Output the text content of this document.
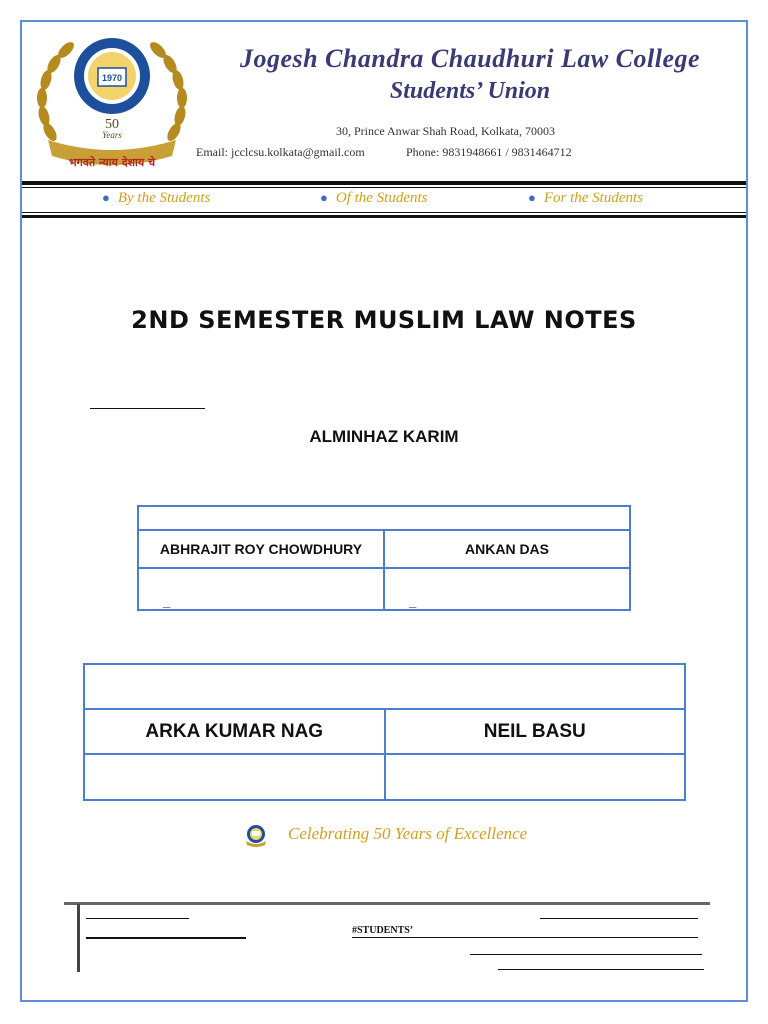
1970
50
Years
भगवते न्याय देशाय चे
Jogesh Chandra Chaudhuri Law College
Students’ Union
30, Prince Anwar Shah Road, Kolkata, 70003
Email: jcclcsu.kolkata@gmail.com	Phone: 9831948661 / 9831464712
● By the Students	● Of the Students	● For the Students
2ND SEMESTER MUSLIM LAW NOTES
ALMINHAZ KARIM

ABHRAJIT ROY CHOWDHURY	ANKAN DAS
_	_

ARKA KUMAR NAG	NEIL BASU

Celebrating 50 Years of Excellence
#STUDENTS’
